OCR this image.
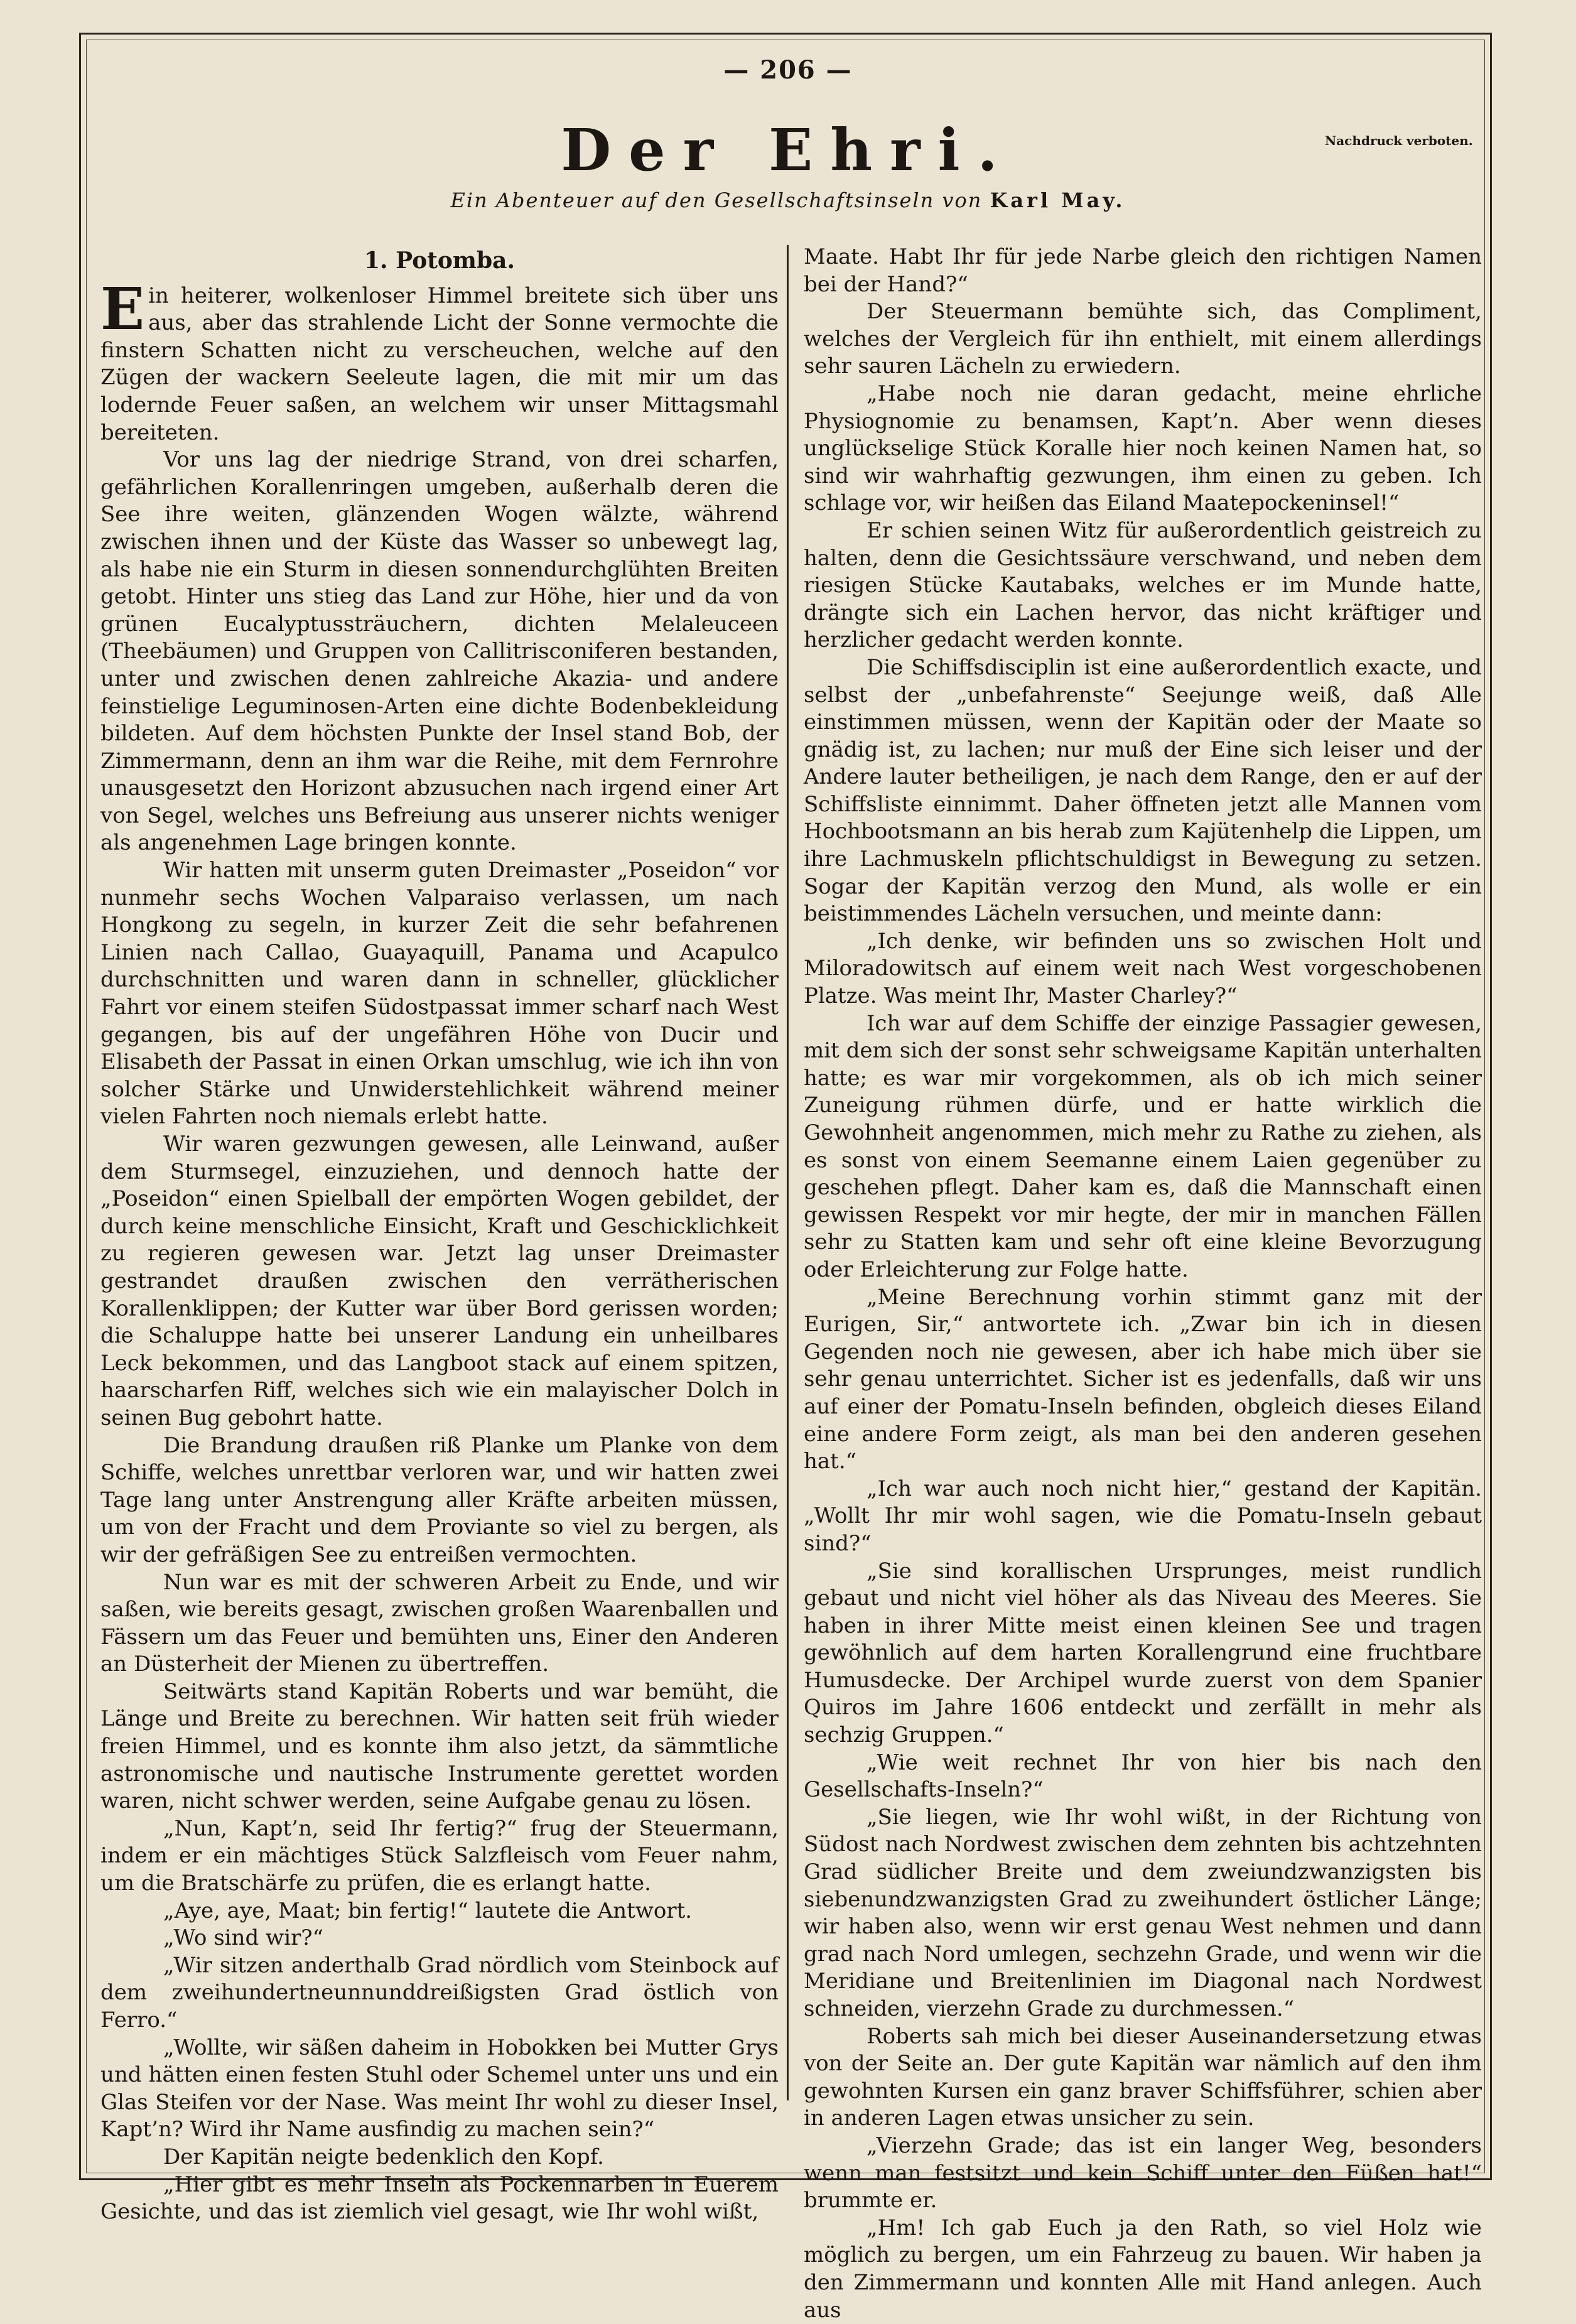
— 206 —
Nachdruck verboten.
Der Ehri.
Ein Abenteuer auf den Gesellschaftsinseln von Karl May.
1. Potomba.

Ein heiterer, wolkenloser Himmel breitete sich über uns aus, aber das strahlende Licht der Sonne vermochte die finstern Schatten nicht zu verscheuchen, welche auf den Zügen der wackern Seeleute lagen, die mit mir um das lodernde Feuer saßen, an welchem wir unser Mittagsmahl bereiteten.

Vor uns lag der niedrige Strand, von drei scharfen, gefährlichen Korallenringen umgeben, außerhalb deren die See ihre weiten, glänzenden Wogen wälzte, während zwischen ihnen und der Küste das Wasser so unbewegt lag, als habe nie ein Sturm in diesen sonnendurchglühten Breiten getobt. Hinter uns stieg das Land zur Höhe, hier und da von grünen Eucalyptussträuchern, dichten Melaleuceen (Theebäumen) und Gruppen von Callitrisconiferen bestanden, unter und zwischen denen zahlreiche Akazia- und andere feinstielige Leguminosen-Arten eine dichte Bodenbekleidung bildeten. Auf dem höchsten Punkte der Insel stand Bob, der Zimmermann, denn an ihm war die Reihe, mit dem Fernrohre unausgesetzt den Horizont abzusuchen nach irgend einer Art von Segel, welches uns Befreiung aus unserer nichts weniger als angenehmen Lage bringen konnte.

Wir hatten mit unserm guten Dreimaster „Poseidon“ vor nunmehr sechs Wochen Valparaiso verlassen, um nach Hongkong zu segeln, in kurzer Zeit die sehr befahrenen Linien nach Callao, Guayaquill, Panama und Acapulco durchschnitten und waren dann in schneller, glücklicher Fahrt vor einem steifen Südostpassat immer scharf nach West gegangen, bis auf der ungefähren Höhe von Ducir und Elisabeth der Passat in einen Orkan umschlug, wie ich ihn von solcher Stärke und Unwiderstehlichkeit während meiner vielen Fahrten noch niemals erlebt hatte.

Wir waren gezwungen gewesen, alle Leinwand, außer dem Sturmsegel, einzuziehen, und dennoch hatte der „Poseidon“ einen Spielball der empörten Wogen gebildet, der durch keine menschliche Einsicht, Kraft und Geschicklichkeit zu regieren gewesen war. Jetzt lag unser Dreimaster gestrandet draußen zwischen den verrätherischen Korallenklippen; der Kutter war über Bord gerissen worden; die Schaluppe hatte bei unserer Landung ein unheilbares Leck bekommen, und das Langboot stack auf einem spitzen, haarscharfen Riff, welches sich wie ein malayischer Dolch in seinen Bug gebohrt hatte.

Die Brandung draußen riß Planke um Planke von dem Schiffe, welches unrettbar verloren war, und wir hatten zwei Tage lang unter Anstrengung aller Kräfte arbeiten müssen, um von der Fracht und dem Proviante so viel zu bergen, als wir der gefräßigen See zu entreißen vermochten.

Nun war es mit der schweren Arbeit zu Ende, und wir saßen, wie bereits gesagt, zwischen großen Waarenballen und Fässern um das Feuer und bemühten uns, Einer den Anderen an Düsterheit der Mienen zu übertreffen.

Seitwärts stand Kapitän Roberts und war bemüht, die Länge und Breite zu berechnen. Wir hatten seit früh wieder freien Himmel, und es konnte ihm also jetzt, da sämmtliche astronomische und nautische Instrumente gerettet worden waren, nicht schwer werden, seine Aufgabe genau zu lösen.

„Nun, Kapt’n, seid Ihr fertig?“ frug der Steuermann, indem er ein mächtiges Stück Salzfleisch vom Feuer nahm, um die Bratschärfe zu prüfen, die es erlangt hatte.

„Aye, aye, Maat; bin fertig!“ lautete die Antwort.

„Wo sind wir?“

„Wir sitzen anderthalb Grad nördlich vom Steinbock auf dem zweihundertneunnunddreißigsten Grad östlich von Ferro.“

„Wollte, wir säßen daheim in Hobokken bei Mutter Grys und hätten einen festen Stuhl oder Schemel unter uns und ein Glas Steifen vor der Nase. Was meint Ihr wohl zu dieser Insel, Kapt’n? Wird ihr Name ausfindig zu machen sein?“

Der Kapitän neigte bedenklich den Kopf.

„Hier gibt es mehr Inseln als Pockennarben in Euerem Gesichte, und das ist ziemlich viel gesagt, wie Ihr wohl wißt,

Maate. Habt Ihr für jede Narbe gleich den richtigen Namen bei der Hand?“

Der Steuermann bemühte sich, das Compliment, welches der Vergleich für ihn enthielt, mit einem allerdings sehr sauren Lächeln zu erwiedern.

„Habe noch nie daran gedacht, meine ehrliche Physiognomie zu benamsen, Kapt’n. Aber wenn dieses unglückselige Stück Koralle hier noch keinen Namen hat, so sind wir wahrhaftig gezwungen, ihm einen zu geben. Ich schlage vor, wir heißen das Eiland Maatepockeninsel!“

Er schien seinen Witz für außerordentlich geistreich zu halten, denn die Gesichtssäure verschwand, und neben dem riesigen Stücke Kautabaks, welches er im Munde hatte, drängte sich ein Lachen hervor, das nicht kräftiger und herzlicher gedacht werden konnte.

Die Schiffsdisciplin ist eine außerordentlich exacte, und selbst der „unbefahrenste“ Seejunge weiß, daß Alle einstimmen müssen, wenn der Kapitän oder der Maate so gnädig ist, zu lachen; nur muß der Eine sich leiser und der Andere lauter betheiligen, je nach dem Range, den er auf der Schiffsliste einnimmt. Daher öffneten jetzt alle Mannen vom Hochbootsmann an bis herab zum Kajütenhelp die Lippen, um ihre Lachmuskeln pflichtschuldigst in Bewegung zu setzen. Sogar der Kapitän verzog den Mund, als wolle er ein beistimmendes Lächeln versuchen, und meinte dann:

„Ich denke, wir befinden uns so zwischen Holt und Miloradowitsch auf einem weit nach West vorgeschobenen Platze. Was meint Ihr, Master Charley?“

Ich war auf dem Schiffe der einzige Passagier gewesen, mit dem sich der sonst sehr schweigsame Kapitän unterhalten hatte; es war mir vorgekommen, als ob ich mich seiner Zuneigung rühmen dürfe, und er hatte wirklich die Gewohnheit angenommen, mich mehr zu Rathe zu ziehen, als es sonst von einem Seemanne einem Laien gegenüber zu geschehen pflegt. Daher kam es, daß die Mannschaft einen gewissen Respekt vor mir hegte, der mir in manchen Fällen sehr zu Statten kam und sehr oft eine kleine Bevorzugung oder Erleichterung zur Folge hatte.

„Meine Berechnung vorhin stimmt ganz mit der Eurigen, Sir,“ antwortete ich. „Zwar bin ich in diesen Gegenden noch nie gewesen, aber ich habe mich über sie sehr genau unterrichtet. Sicher ist es jedenfalls, daß wir uns auf einer der Pomatu-Inseln befinden, obgleich dieses Eiland eine andere Form zeigt, als man bei den anderen gesehen hat.“

„Ich war auch noch nicht hier,“ gestand der Kapitän. „Wollt Ihr mir wohl sagen, wie die Pomatu-Inseln gebaut sind?“

„Sie sind korallischen Ursprunges, meist rundlich gebaut und nicht viel höher als das Niveau des Meeres. Sie haben in ihrer Mitte meist einen kleinen See und tragen gewöhnlich auf dem harten Korallengrund eine fruchtbare Humusdecke. Der Archipel wurde zuerst von dem Spanier Quiros im Jahre 1606 entdeckt und zerfällt in mehr als sechzig Gruppen.“

„Wie weit rechnet Ihr von hier bis nach den Gesellschafts-Inseln?“

„Sie liegen, wie Ihr wohl wißt, in der Richtung von Südost nach Nordwest zwischen dem zehnten bis achtzehnten Grad südlicher Breite und dem zweiundzwanzigsten bis siebenundzwanzigsten Grad zu zweihundert östlicher Länge; wir haben also, wenn wir erst genau West nehmen und dann grad nach Nord umlegen, sechzehn Grade, und wenn wir die Meridiane und Breitenlinien im Diagonal nach Nordwest schneiden, vierzehn Grade zu durchmessen.“

Roberts sah mich bei dieser Auseinandersetzung etwas von der Seite an. Der gute Kapitän war nämlich auf den ihm gewohnten Kursen ein ganz braver Schiffsführer, schien aber in anderen Lagen etwas unsicher zu sein.

„Vierzehn Grade; das ist ein langer Weg, besonders wenn man festsitzt und kein Schiff unter den Füßen hat!“ brummte er.

„Hm! Ich gab Euch ja den Rath, so viel Holz wie möglich zu bergen, um ein Fahrzeug zu bauen. Wir haben ja den Zimmermann und konnten Alle mit Hand anlegen. Auch aus
